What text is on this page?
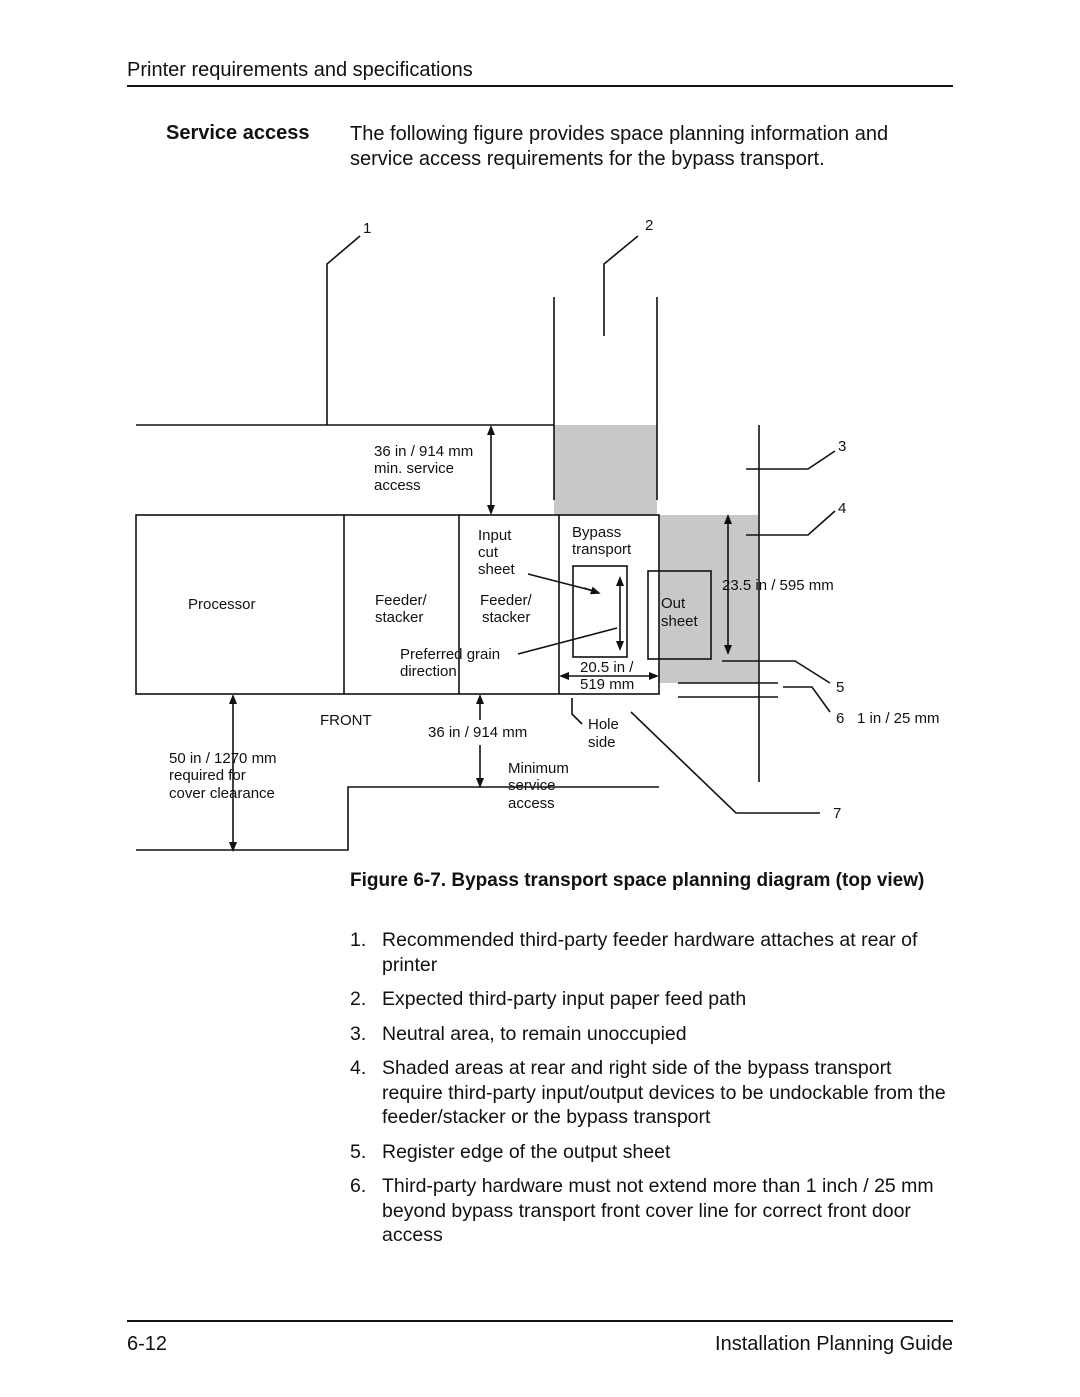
Printer requirements and specifications
Service access The following figure provides space planning information and service access requirements for the bypass transport.
1	2
3
4
5
6
7
36 in / 914 mm
min. service
access
Input
cut
sheet
Bypass
transport
Processor	Feeder/
stacker
Feeder/
stacker
Out
sheet
23.5 in / 595 mm
Preferred grain
direction	20.5 in /
519 mm
FRONT
36 in / 914 mm	Hole
side
Minimum
service
access
50 in / 1270 mm
required for
cover clearance
1 in / 25 mm
Figure 6-7. Bypass transport space planning diagram (top view)
1. Recommended third-party feeder hardware attaches at rear of printer
2. Expected third-party input paper feed path
3. Neutral area, to remain unoccupied
4. Shaded areas at rear and right side of the bypass transport require third-party input/output devices to be undockable from the feeder/stacker or the bypass transport
5. Register edge of the output sheet
6. Third-party hardware must not extend more than 1 inch / 25 mm beyond bypass transport front cover line for correct front door access
6-12	Installation Planning Guide
